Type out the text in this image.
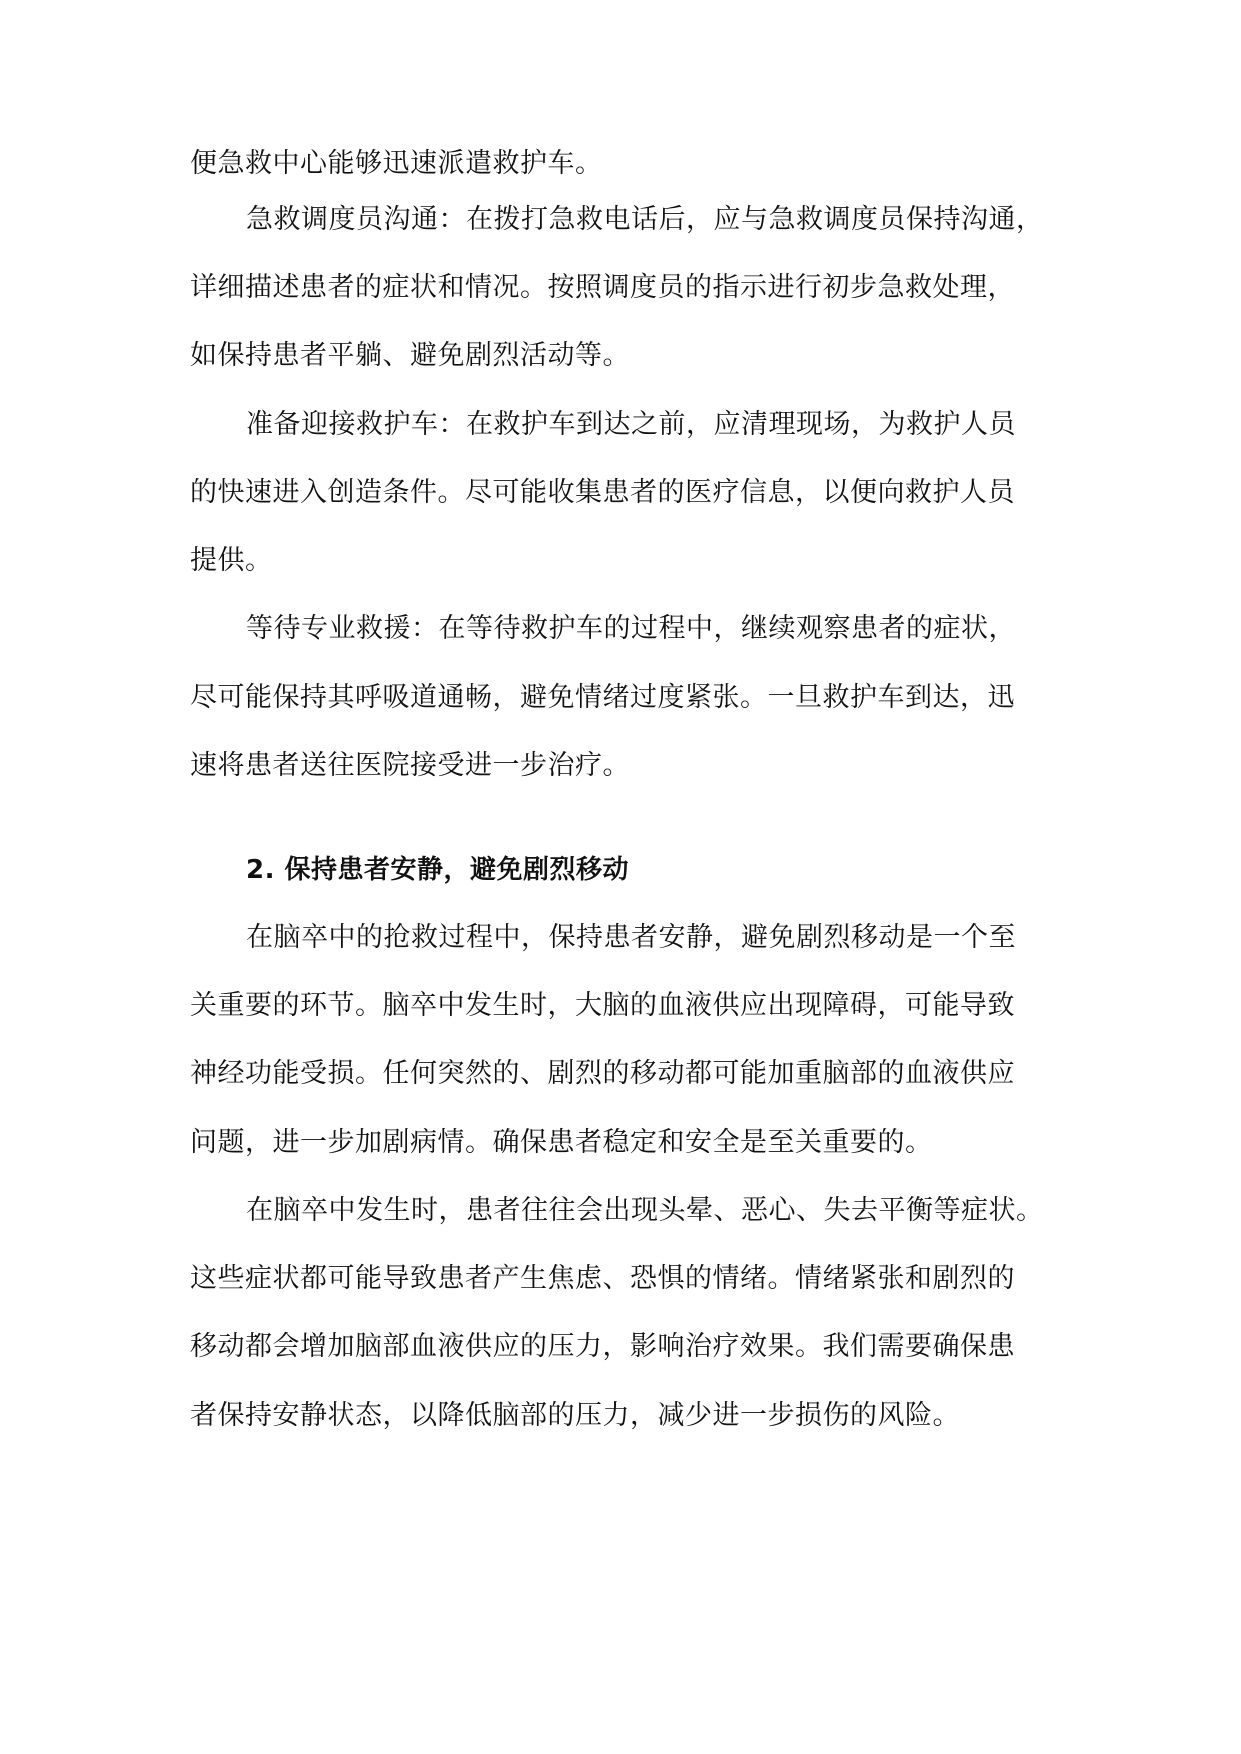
便急救中心能够迅速派遣救护车。
急救调度员沟通：在拨打急救电话后，应与急救调度员保持沟通，
详细描述患者的症状和情况。按照调度员的指示进行初步急救处理，
如保持患者平躺、避免剧烈活动等。
准备迎接救护车：在救护车到达之前，应清理现场，为救护人员
的快速进入创造条件。尽可能收集患者的医疗信息，以便向救护人员
提供。
等待专业救援：在等待救护车的过程中，继续观察患者的症状，
尽可能保持其呼吸道通畅，避免情绪过度紧张。一旦救护车到达，迅
速将患者送往医院接受进一步治疗。
2. 保持患者安静，避免剧烈移动
在脑卒中的抢救过程中，保持患者安静，避免剧烈移动是一个至
关重要的环节。脑卒中发生时，大脑的血液供应出现障碍，可能导致
神经功能受损。任何突然的、剧烈的移动都可能加重脑部的血液供应
问题，进一步加剧病情。确保患者稳定和安全是至关重要的。
在脑卒中发生时，患者往往会出现头晕、恶心、失去平衡等症状。
这些症状都可能导致患者产生焦虑、恐惧的情绪。情绪紧张和剧烈的
移动都会增加脑部血液供应的压力，影响治疗效果。我们需要确保患
者保持安静状态，以降低脑部的压力，减少进一步损伤的风险。
